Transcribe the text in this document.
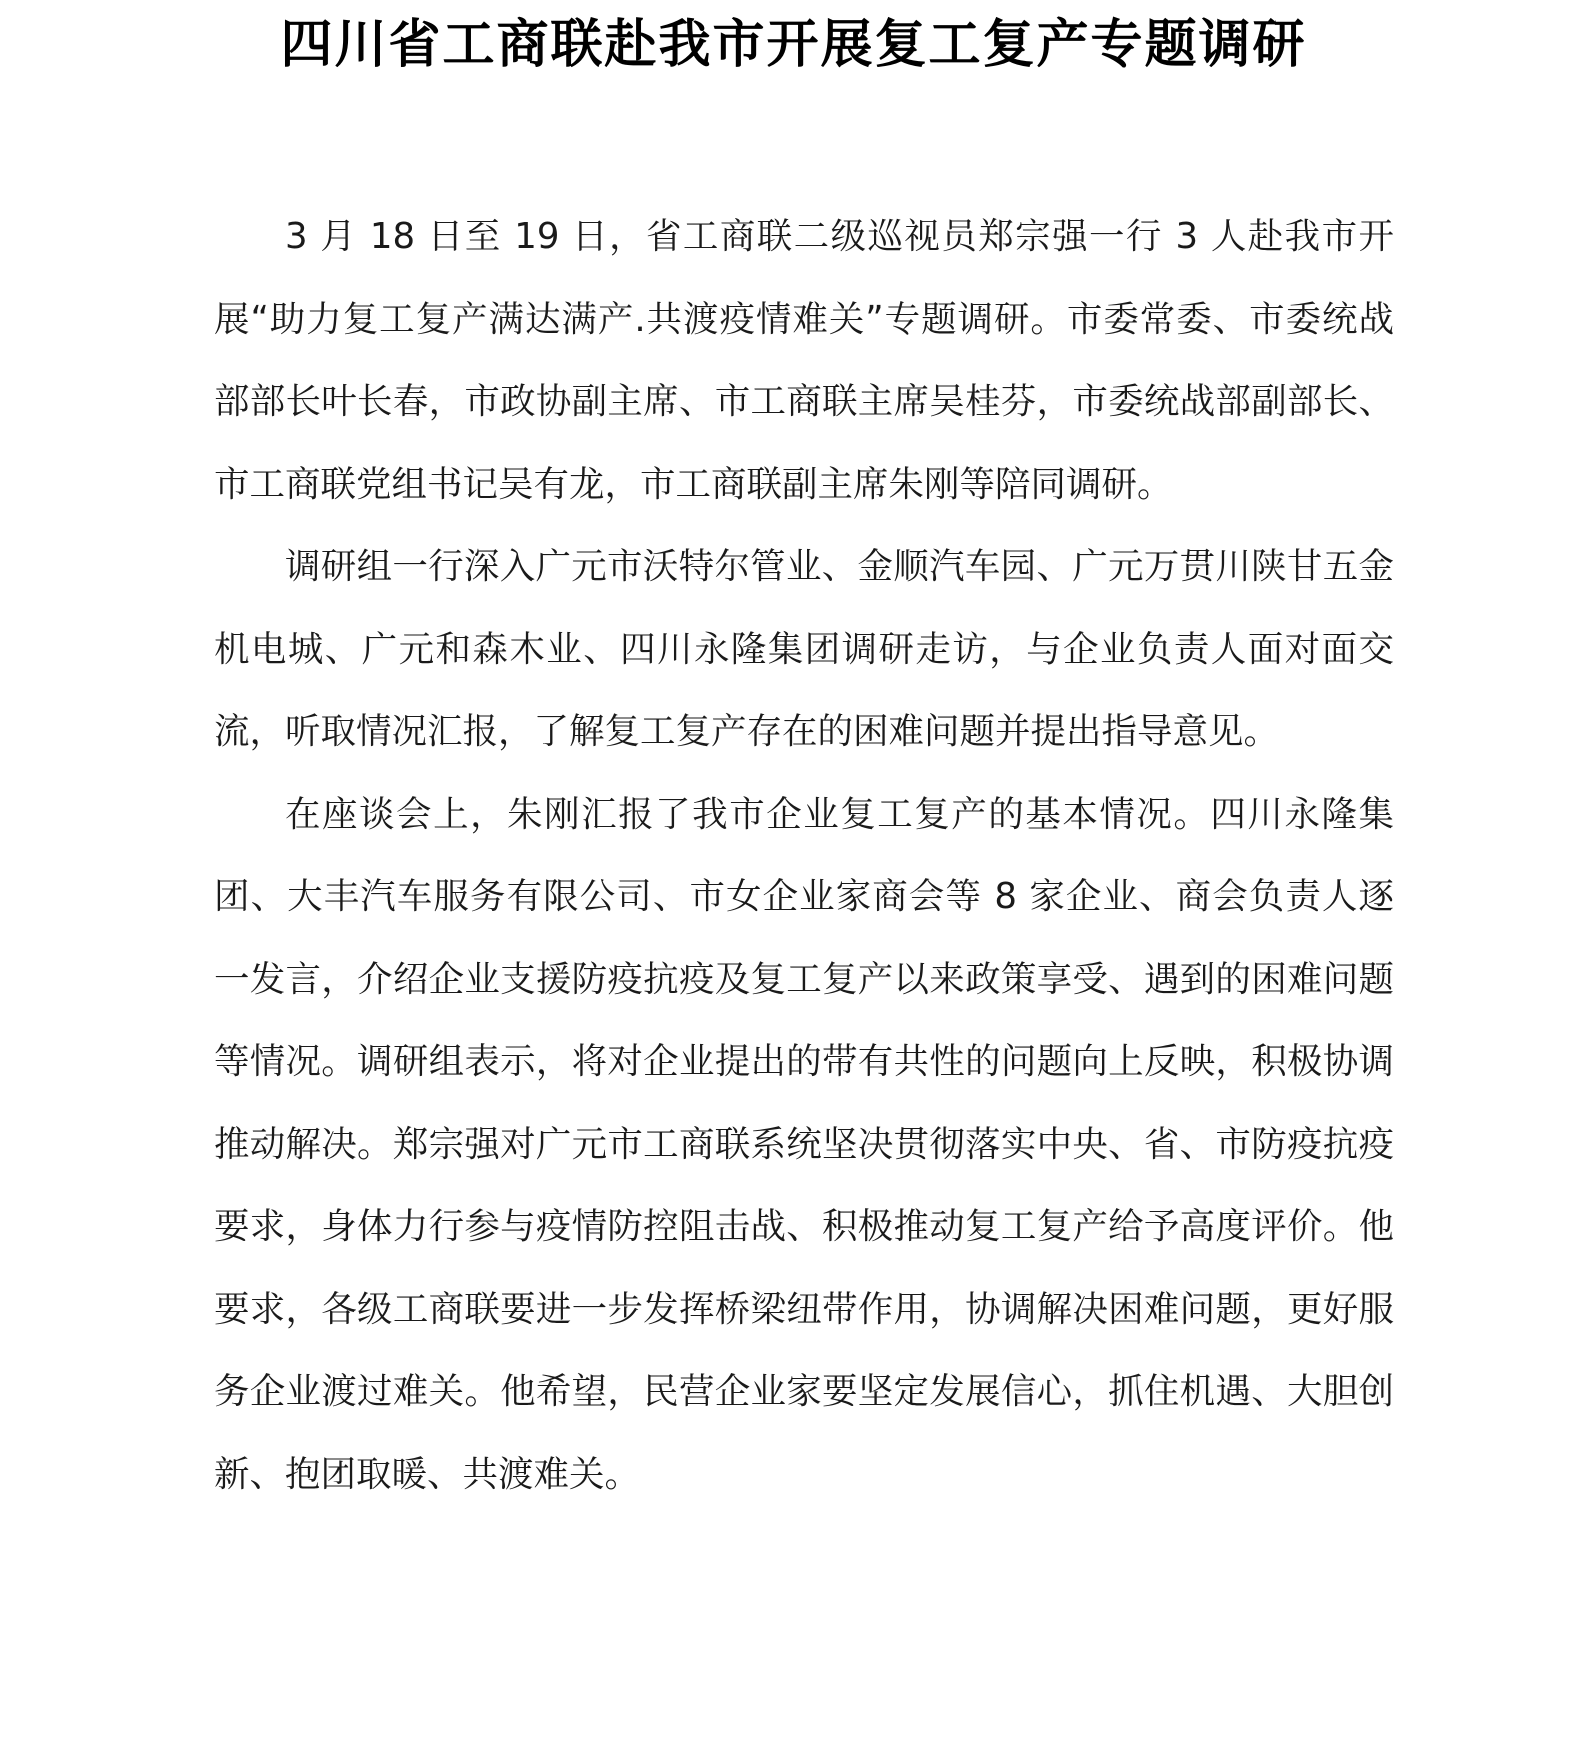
四川省工商联赴我市开展复工复产专题调研

3 月 18 日至 19 日，省工商联二级巡视员郑宗强一行 3 人赴我市开展“助力复工复产满达满产.共渡疫情难关”专题调研。市委常委、市委统战部部长叶长春，市政协副主席、市工商联主席吴桂芬，市委统战部副部长、市工商联党组书记吴有龙，市工商联副主席朱刚等陪同调研。

调研组一行深入广元市沃特尔管业、金顺汽车园、广元万贯川陕甘五金机电城、广元和森木业、四川永隆集团调研走访，与企业负责人面对面交流，听取情况汇报，了解复工复产存在的困难问题并提出指导意见。

在座谈会上，朱刚汇报了我市企业复工复产的基本情况。四川永隆集团、大丰汽车服务有限公司、市女企业家商会等 8 家企业、商会负责人逐一发言，介绍企业支援防疫抗疫及复工复产以来政策享受、遇到的困难问题等情况。调研组表示，将对企业提出的带有共性的问题向上反映，积极协调推动解决。郑宗强对广元市工商联系统坚决贯彻落实中央、省、市防疫抗疫要求，身体力行参与疫情防控阻击战、积极推动复工复产给予高度评价。他要求，各级工商联要进一步发挥桥梁纽带作用，协调解决困难问题，更好服务企业渡过难关。他希望，民营企业家要坚定发展信心，抓住机遇、大胆创新、抱团取暖、共渡难关。
